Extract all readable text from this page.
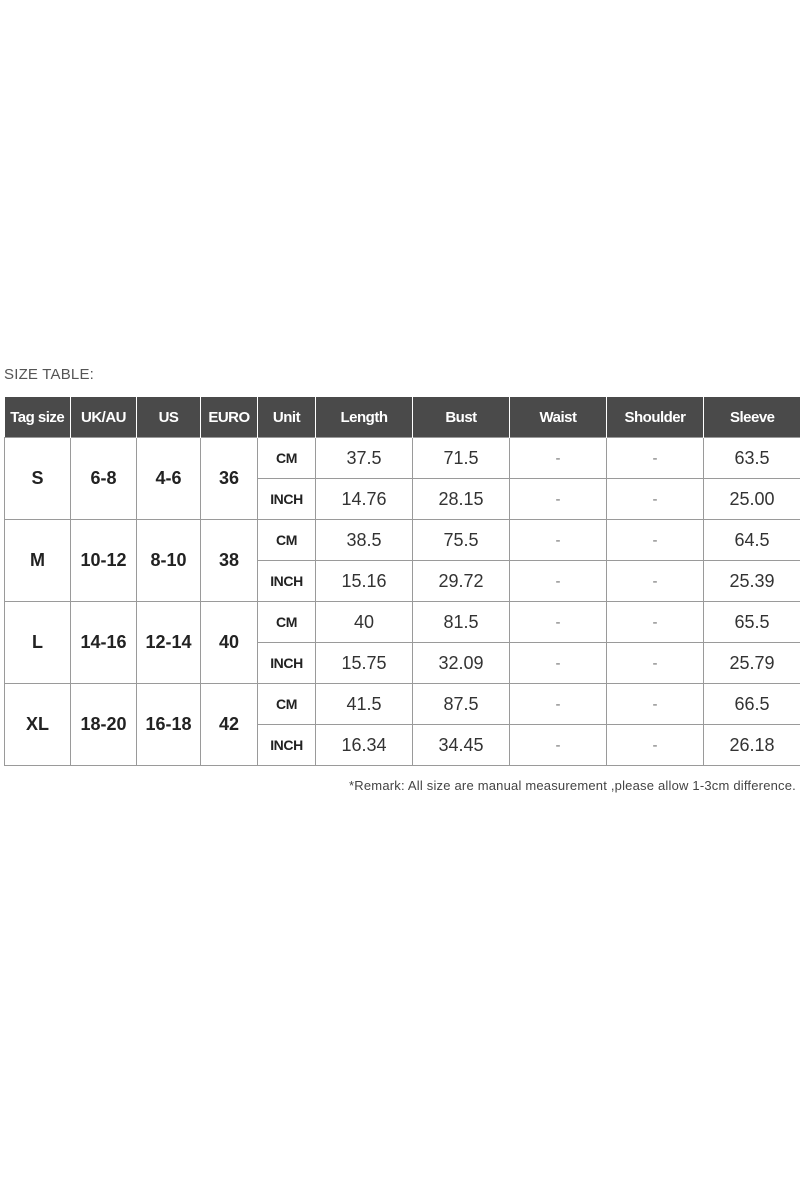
SIZE TABLE:
Tag size	UK/AU	US	EURO	Unit	Length	Bust	Waist	Shoulder	Sleeve
S	6-8	4-6	36	CM	37.5	71.5	-	-	63.5
				INCH	14.76	28.15	-	-	25.00
M	10-12	8-10	38	CM	38.5	75.5	-	-	64.5
				INCH	15.16	29.72	-	-	25.39
L	14-16	12-14	40	CM	40	81.5	-	-	65.5
				INCH	15.75	32.09	-	-	25.79
XL	18-20	16-18	42	CM	41.5	87.5	-	-	66.5
				INCH	16.34	34.45	-	-	26.18
*Remark: All size are manual measurement ,please allow 1-3cm difference.
